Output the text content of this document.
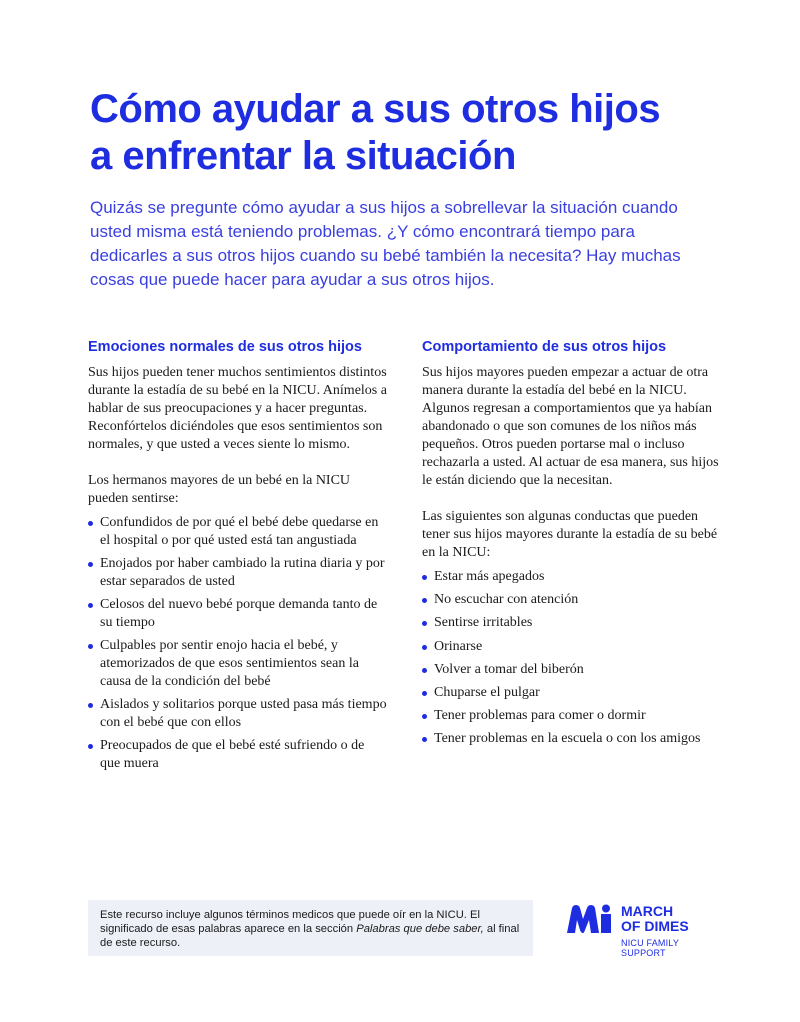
Cómo ayudar a sus otros hijos
a enfrentar la situación

Quizás se pregunte cómo ayudar a sus hijos a sobrellevar la situación cuando usted misma está teniendo problemas. ¿Y cómo encontrará tiempo para dedicarles a sus otros hijos cuando su bebé también la necesita? Hay muchas cosas que puede hacer para ayudar a sus otros hijos.

Emociones normales de sus otros hijos

Sus hijos pueden tener muchos sentimientos distintos durante la estadía de su bebé en la NICU. Anímelos a hablar de sus preocupaciones y a hacer preguntas. Reconfórtelos diciéndoles que esos sentimientos son normales, y que usted a veces siente lo mismo.

Los hermanos mayores de un bebé en la NICU pueden sentirse:

Confundidos de por qué el bebé debe quedarse en el hospital o por qué usted está tan angustiada
Enojados por haber cambiado la rutina diaria y por estar separados de usted
Celosos del nuevo bebé porque demanda tanto de su tiempo
Culpables por sentir enojo hacia el bebé, y atemorizados de que esos sentimientos sean la causa de la condición del bebé
Aislados y solitarios porque usted pasa más tiempo con el bebé que con ellos
Preocupados de que el bebé esté sufriendo o de que muera
Comportamiento de sus otros hijos

Sus hijos mayores pueden empezar a actuar de otra manera durante la estadía del bebé en la NICU. Algunos regresan a comportamientos que ya habían abandonado o que son comunes de los niños más pequeños. Otros pueden portarse mal o incluso rechazarla a usted. Al actuar de esa manera, sus hijos le están diciendo que la necesitan.

Las siguientes son algunas conductas que pueden tener sus hijos mayores durante la estadía de su bebé en la NICU:

Estar más apegados
No escuchar con atención
Sentirse irritables
Orinarse
Volver a tomar del biberón
Chuparse el pulgar
Tener problemas para comer o dormir
Tener problemas en la escuela o con los amigos
Este recurso incluye algunos términos medicos que puede oír en la NICU. El significado de esas palabras aparece en la sección Palabras que debe saber, al final de este recurso.
MARCH
OF DIMES
NICU FAMILY SUPPORT
